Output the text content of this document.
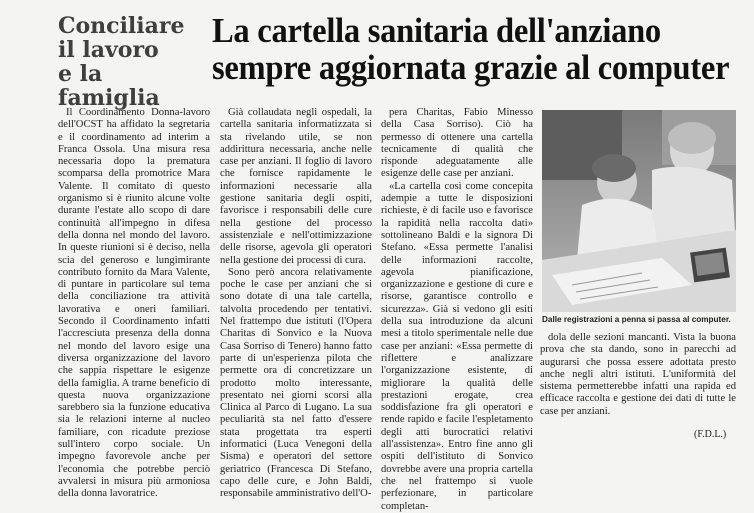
Conciliare
il lavoro
e la famiglia
La cartella sanitaria dell'anziano
sempre aggiornata grazie al computer

Il Coordinamento Donna-lavoro dell'OCST ha affidato la segretaria e il coordinamento ad interim a Franca Ossola. Una misura resa necessaria dopo la prematura scomparsa della promotrice Mara Valente. Il comitato di questo organismo si è riunito alcune volte durante l'estate allo scopo di dare continuità all'impegno in difesa della donna nel mondo del lavoro. In queste riunioni si è deciso, nella scia del generoso e lungimirante contributo fornito da Mara Valente, di puntare in particolare sul tema della conciliazione tra attività lavorativa e oneri familiari. Secondo il Coordinamento infatti l'accresciuta presenza della donna nel mondo del lavoro esige una diversa organizzazione del lavoro che sappia rispettare le esigenze della famiglia. A trarne beneficio di questa nuova organizzazione sarebbero sia la funzione educativa sia le relazioni interne al nucleo familiare, con ricadute preziose sull'intero corpo sociale. Un impegno favorevole anche per l'economia che potrebbe perciò avvalersi in misura più armoniosa della donna lavoratrice.

Già collaudata negli ospedali, la cartella sanitaria informatizzata si sta rivelando utile, se non addirittura necessaria, anche nelle case per anziani. Il foglio di lavoro che fornisce rapidamente le informazioni necessarie alla gestione sanitaria degli ospiti, favorisce i responsabili delle cure nella gestione del processo assistenziale e nell'ottimizzazione delle risorse, agevola gli operatori nella gestione dei processi di cura.

Sono però ancora relativamente poche le case per anziani che si sono dotate di una tale cartella, talvolta procedendo per tentativi. Nel frattempo due istituti (l'Opera Charitas di Sonvico e la Nuova Casa Sorriso di Tenero) hanno fatto parte di un'esperienza pilota che permette ora di concretizzare un prodotto molto interessante, presentato nei giorni scorsi alla Clinica al Parco di Lugano. La sua peculiarità sta nel fatto d'essere stata progettata tra esperti informatici (Luca Venegoni della Sisma) e operatori del settore geriatrico (Francesca Di Stefano, capo delle cure, e John Baldi, responsabile amministrativo dell'O-

pera Charitas, Fabio Minesso della Casa Sorriso). Ciò ha permesso di ottenere una cartella tecnicamente di qualità che risponde adeguatamente alle esigenze delle case per anziani.

«La cartella così come concepita adempie a tutte le disposizioni richieste, è di facile uso e favorisce la rapidità nella raccolta dati» sottolineano Baldi e la signora Di Stefano. «Essa permette l'analisi delle informazioni raccolte, agevola pianificazione, organizzazione e gestione di cure e risorse, garantisce controllo e sicurezza». Già si vedono gli esiti della sua introduzione da alcuni mesi a titolo sperimentale nelle due case per anziani: «Essa permette di riflettere e analizzare l'organizzazione esistente, di migliorare la qualità delle prestazioni erogate, crea soddisfazione fra gli operatori e rende rapido e facile l'espletamento degli atti burocratici relativi all'assistenza». Entro fine anno gli ospiti dell'istituto di Sonvico dovrebbe avere una propria cartella che nel frattempo si vuole perfezionare, in particolare completan-

Dalle registrazioni a penna si passa al computer.

dola delle sezioni mancanti. Vista la buona prova che sta dando, sono in parecchi ad augurarsi che possa essere adottata presto anche negli altri istituti. L'uniformità del sistema permetterebbe infatti una rapida ed efficace raccolta e gestione dei dati di tutte le case per anziani.

(F.D.L.)
